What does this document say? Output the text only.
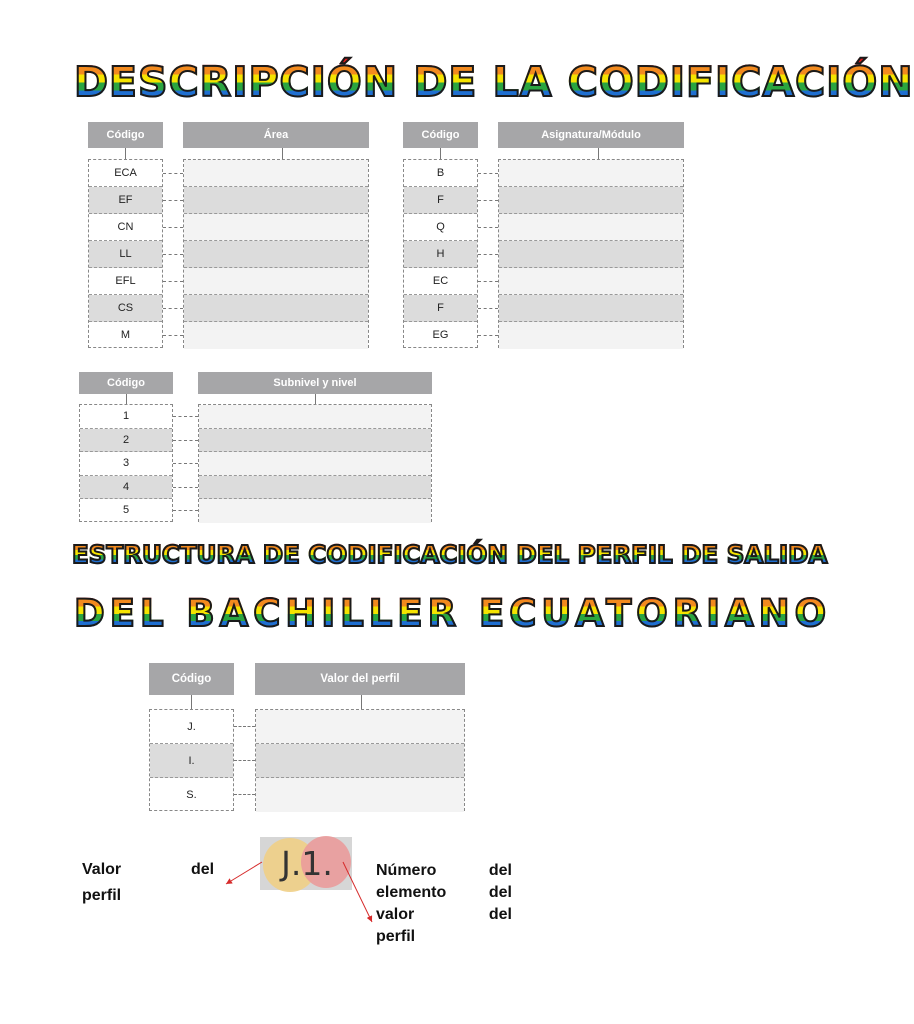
DESCRIPCIÓN DE LA CODIFICACIÓN
Código	Área
ECA
EF
CN
LL
EFL
CS
M
Código	Asignatura/Módulo
B
F
Q
H
EC
F
EG
Código	Subnivel y nivel
1
2
3
4
5
ESTRUCTURA DE CODIFICACIÓN DEL PERFIL DE SALIDA
DEL BACHILLER ECUATORIANO
Código	Valor del perfil
J.
I.
S.
J.1.
Valor	del
perfil
Número	del
elemento	del
valor	del
perfil
